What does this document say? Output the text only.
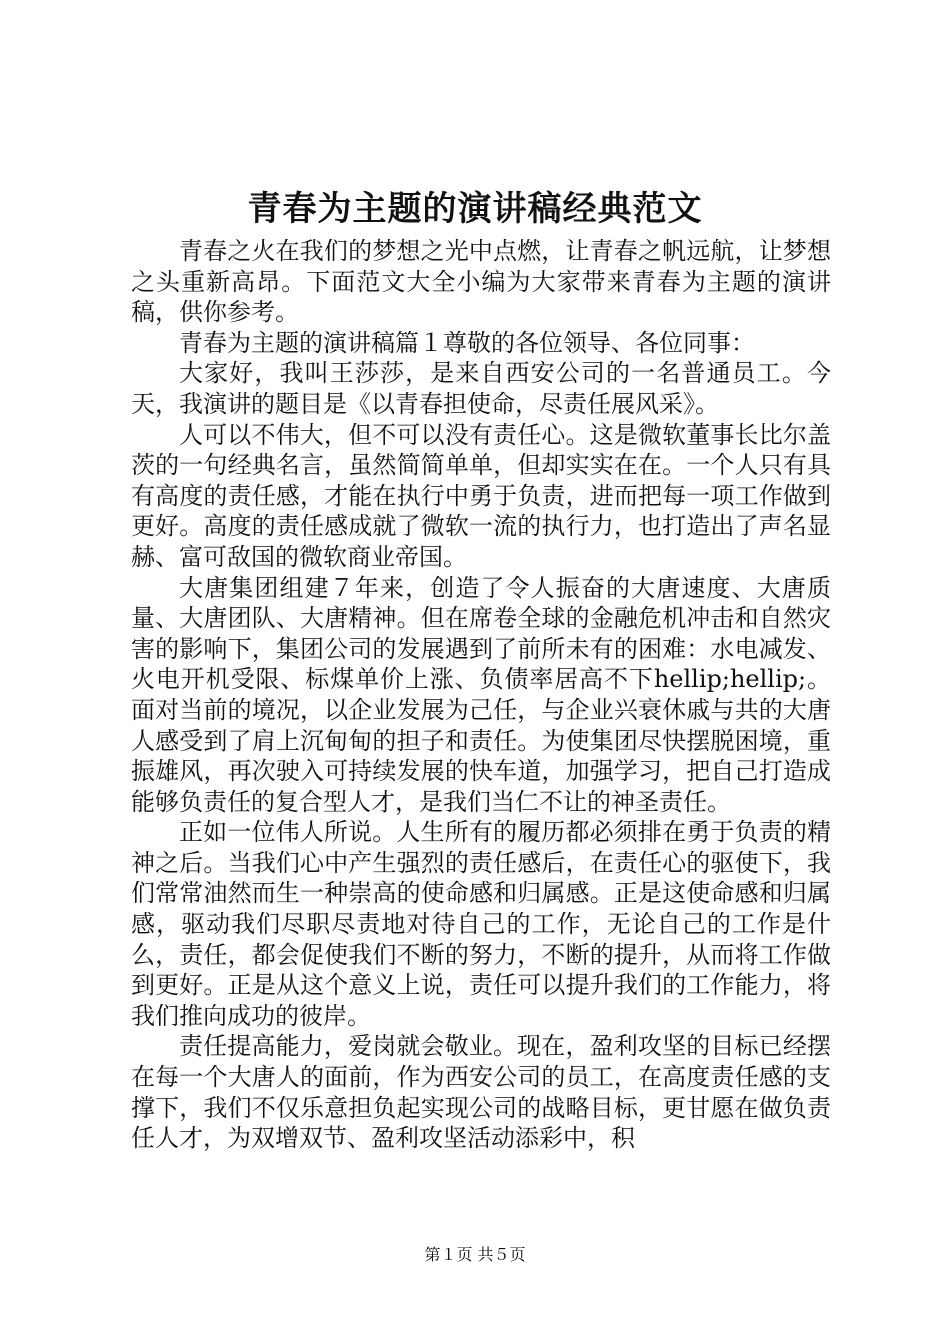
青春为主题的演讲稿经典范文

青春之火在我们的梦想之光中点燃，让青春之帆远航，让梦想之头重新高昂。下面范文大全小编为大家带来青春为主题的演讲稿，供你参考。

青春为主题的演讲稿篇１尊敬的各位领导、各位同事：

大家好，我叫王莎莎，是来自西安公司的一名普通员工。今天，我演讲的题目是《以青春担使命，尽责任展风采》。

人可以不伟大，但不可以没有责任心。这是微软董事长比尔盖茨的一句经典名言，虽然简简单单，但却实实在在。一个人只有具有高度的责任感，才能在执行中勇于负责，进而把每一项工作做到更好。高度的责任感成就了微软一流的执行力，也打造出了声名显赫、富可敌国的微软商业帝国。

大唐集团组建７年来，创造了令人振奋的大唐速度、大唐质量、大唐团队、大唐精神。但在席卷全球的金融危机冲击和自然灾害的影响下，集团公司的发展遇到了前所未有的困难：水电减发、火电开机受限、标煤单价上涨、负债率居高不下hellip;hellip;。面对当前的境况，以企业发展为己任，与企业兴衰休戚与共的大唐人感受到了肩上沉甸甸的担子和责任。为使集团尽快摆脱困境，重振雄风，再次驶入可持续发展的快车道，加强学习，把自己打造成能够负责任的复合型人才，是我们当仁不让的神圣责任。

正如一位伟人所说。人生所有的履历都必须排在勇于负责的精神之后。当我们心中产生强烈的责任感后，在责任心的驱使下，我们常常油然而生一种崇高的使命感和归属感。正是这使命感和归属感，驱动我们尽职尽责地对待自己的工作，无论自己的工作是什么，责任，都会促使我们不断的努力，不断的提升，从而将工作做到更好。正是从这个意义上说，责任可以提升我们的工作能力，将我们推向成功的彼岸。

责任提高能力，爱岗就会敬业。现在，盈利攻坚的目标已经摆在每一个大唐人的面前，作为西安公司的员工，在高度责任感的支撑下，我们不仅乐意担负起实现公司的战略目标，更甘愿在做负责任人才，为双增双节、盈利攻坚活动添彩中，积

第１页 共５页
